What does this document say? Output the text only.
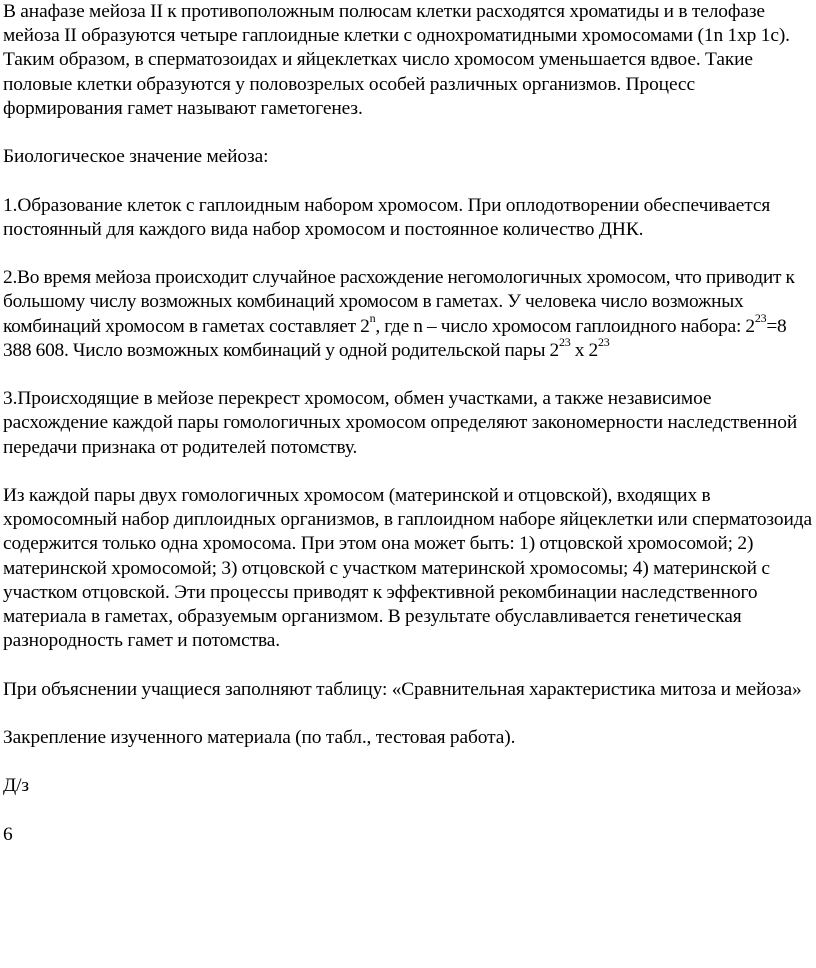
В анафазе мейоза II к противоположным полюсам клетки расходятся хроматиды и в телофазе мейоза II образуются четыре гаплоидные клетки с однохроматидными хромосомами (1n 1хр 1с). Таким образом, в сперматозоидах и яйцеклетках число хромосом уменьшается вдвое. Такие половые клетки образуются у половозрелых особей различных организмов. Процесс формирования гамет называют гаметогенез.

Биологическое значение мейоза:

1.Образование клеток с гаплоидным набором хромосом. При оплодотворении обеспечивается постоянный для каждого вида набор хромосом и постоянное количество ДНК.

2.Во время мейоза происходит случайное расхождение негомологичных хромосом, что приводит к большому числу возможных комбинаций хромосом в гаметах. У человека число возможных комбинаций хромосом в гаметах составляет 2$^n$, где n – число хромосом гаплоидного набора: $2^{23}=8$ 388 608. Число возможных комбинаций у одной родительской пары $2^{23}$ х $2^{23}$

3.Происходящие в мейозе перекрест хромосом, обмен участками, а также независимое расхождение каждой пары гомологичных хромосом определяют закономерности наследственной передачи признака от родителей потомству.

Из каждой пары двух гомологичных хромосом (материнской и отцовской), входящих в хромосомный набор диплоидных организмов, в гаплоидном наборе яйцеклетки или сперматозоида содержится только одна хромосома. При этом она может быть: 1) отцовской хромосомой; 2) материнской хромосомой; 3) отцовской с участком материнской хромосомы; 4) материнской с участком отцовской. Эти процессы приводят к эффективной рекомбинации наследственного материала в гаметах, образуемым организмом. В результате обуславливается генетическая разнородность гамет и потомства.

При объяснении учащиеся заполняют таблицу: «Сравнительная характеристика митоза и мейоза»

Закрепление изученного материала (по табл., тестовая работа).

Д/з

6
